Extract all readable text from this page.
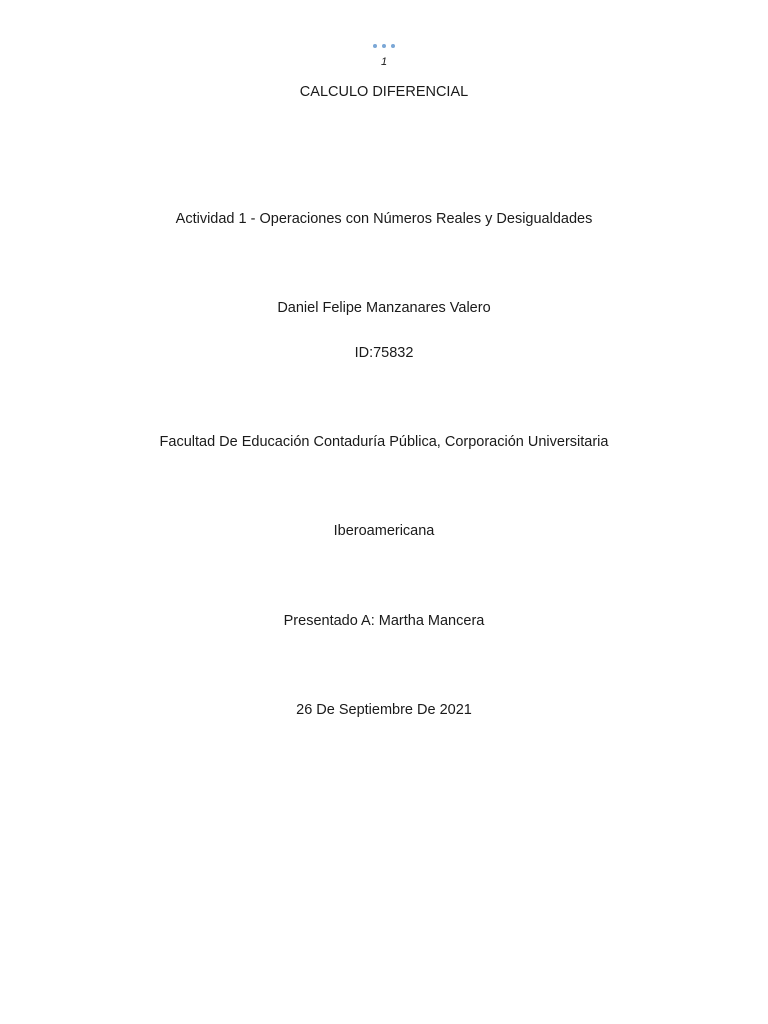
1
CALCULO DIFERENCIAL
Actividad 1 - Operaciones con Números Reales y Desigualdades
Daniel Felipe Manzanares Valero
ID:75832
Facultad De Educación Contaduría Pública, Corporación Universitaria
Iberoamericana
Presentado A: Martha Mancera
26 De Septiembre De 2021
